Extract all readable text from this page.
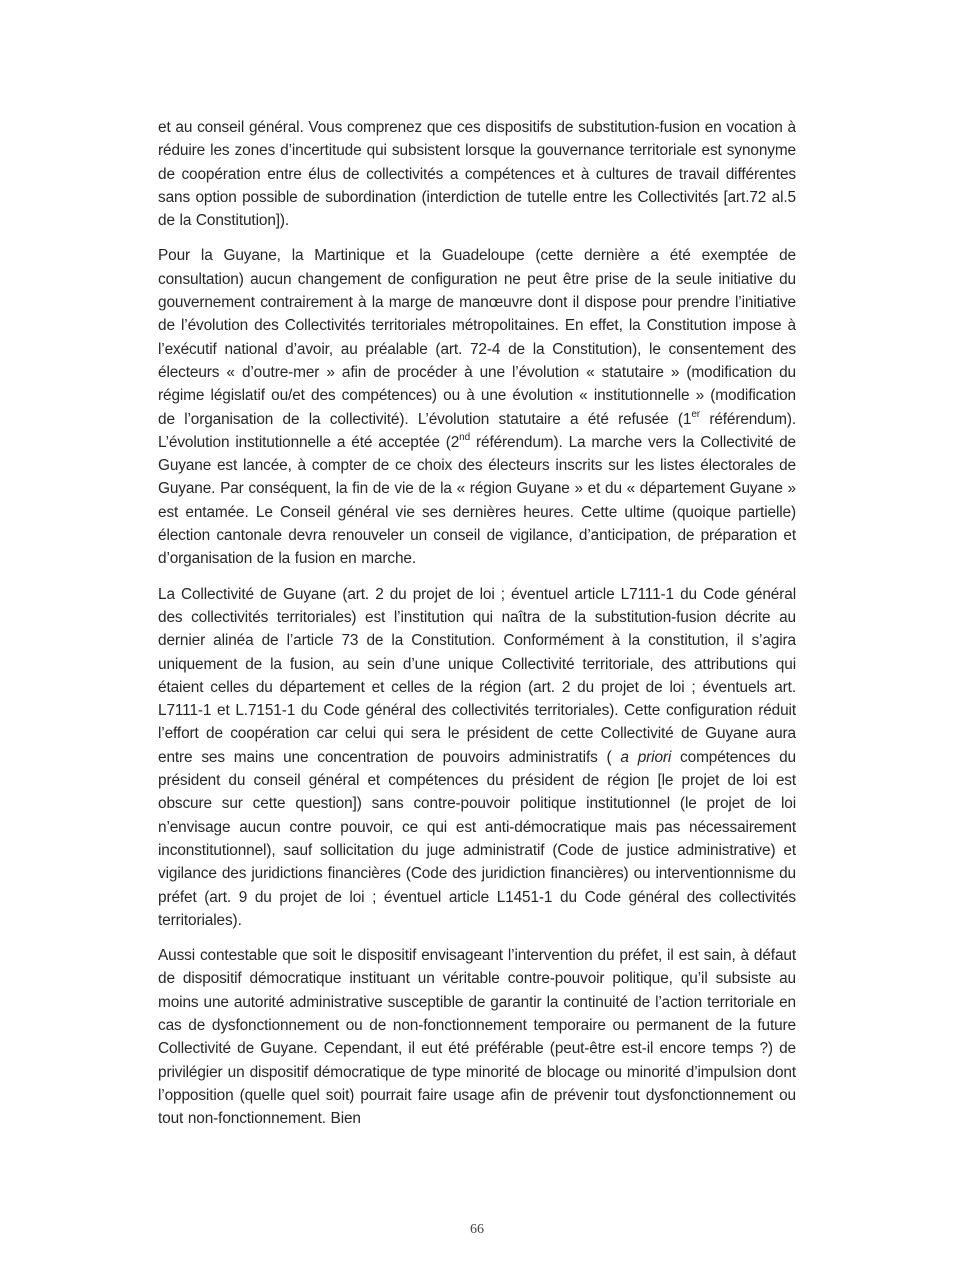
et au conseil général. Vous comprenez que ces dispositifs de substitution-fusion en vocation à réduire les zones d’incertitude qui subsistent lorsque la gouvernance territoriale est synonyme de coopération entre élus de collectivités a compétences et à cultures de travail différentes sans option possible de subordination (interdiction de tutelle entre les Collectivités [art.72 al.5 de la Constitution]).

Pour la Guyane, la Martinique et la Guadeloupe (cette dernière a été exemptée de consultation) aucun changement de configuration ne peut être prise de la seule initiative du gouvernement contrairement à la marge de manœuvre dont il dispose pour prendre l’initiative de l’évolution des Collectivités territoriales métropolitaines. En effet, la Constitution impose à l’exécutif national d’avoir, au préalable (art. 72-4 de la Constitution), le consentement des électeurs « d’outre-mer » afin de procéder à une l’évolution « statutaire » (modification du régime législatif ou/et des compétences) ou à une évolution « institutionnelle » (modification de l’organisation de la collectivité). L’évolution statutaire a été refusée (1er référendum). L’évolution institutionnelle a été acceptée (2nd référendum). La marche vers la Collectivité de Guyane est lancée, à compter de ce choix des électeurs inscrits sur les listes électorales de Guyane. Par conséquent, la fin de vie de la « région Guyane » et du « département Guyane » est entamée. Le Conseil général vie ses dernières heures. Cette ultime (quoique partielle) élection cantonale devra renouveler un conseil de vigilance, d’anticipation, de préparation et d’organisation de la fusion en marche.

La Collectivité de Guyane (art. 2 du projet de loi ; éventuel article L7111-1 du Code général des collectivités territoriales) est l’institution qui naîtra de la substitution-fusion décrite au dernier alinéa de l’article 73 de la Constitution. Conformément à la constitution, il s’agira uniquement de la fusion, au sein d’une unique Collectivité territoriale, des attributions qui étaient celles du département et celles de la région (art. 2 du projet de loi ; éventuels art. L7111-1 et L.7151-1 du Code général des collectivités territoriales). Cette configuration réduit l’effort de coopération car celui qui sera le président de cette Collectivité de Guyane aura entre ses mains une concentration de pouvoirs administratifs ( a priori compétences du président du conseil général et compétences du président de région [le projet de loi est obscure sur cette question]) sans contre-pouvoir politique institutionnel (le projet de loi n’envisage aucun contre pouvoir, ce qui est anti-démocratique mais pas nécessairement inconstitutionnel), sauf sollicitation du juge administratif (Code de justice administrative) et vigilance des juridictions financières (Code des juridiction financières) ou interventionnisme du préfet (art. 9 du projet de loi ; éventuel article L1451-1 du Code général des collectivités territoriales).

Aussi contestable que soit le dispositif envisageant l’intervention du préfet, il est sain, à défaut de dispositif démocratique instituant un véritable contre-pouvoir politique, qu’il subsiste au moins une autorité administrative susceptible de garantir la continuité de l’action territoriale en cas de dysfonctionnement ou de non-fonctionnement temporaire ou permanent de la future Collectivité de Guyane. Cependant, il eut été préférable (peut-être est-il encore temps ?) de privilégier un dispositif démocratique de type minorité de blocage ou minorité d’impulsion dont l’opposition (quelle quel soit) pourrait faire usage afin de prévenir tout dysfonctionnement ou tout non-fonctionnement. Bien

66
